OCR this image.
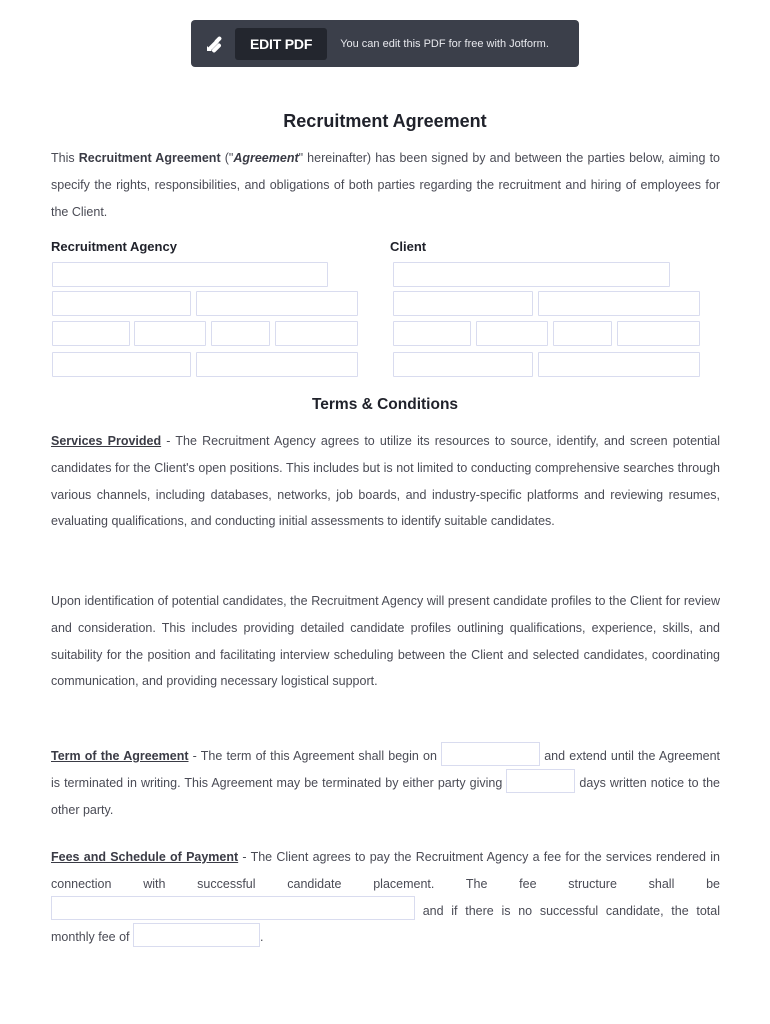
EDIT PDF	You can edit this PDF for free with Jotform.
Recruitment Agreement
This Recruitment Agreement ("Agreement" hereinafter) has been signed by and between the parties below, aiming to specify the rights, responsibilities, and obligations of both parties regarding the recruitment and hiring of employees for the Client.
Recruitment Agency	Client
Terms & Conditions
Services Provided - The Recruitment Agency agrees to utilize its resources to source, identify, and screen potential candidates for the Client's open positions. This includes but is not limited to conducting comprehensive searches through various channels, including databases, networks, job boards, and industry-specific platforms and reviewing resumes, evaluating qualifications, and conducting initial assessments to identify suitable candidates.
Upon identification of potential candidates, the Recruitment Agency will present candidate profiles to the Client for review and consideration. This includes providing detailed candidate profiles outlining qualifications, experience, skills, and suitability for the position and facilitating interview scheduling between the Client and selected candidates, coordinating communication, and providing necessary logistical support.
Term of the Agreement - The term of this Agreement shall begin on	and extend until the Agreement is terminated in writing. This Agreement may be terminated by either party giving	days written notice to the other party.
Fees and Schedule of Payment - The Client agrees to pay the Recruitment Agency a fee for the services rendered in connection with successful candidate placement. The fee structure shall be and if there is no successful candidate, the total monthly fee of	.
